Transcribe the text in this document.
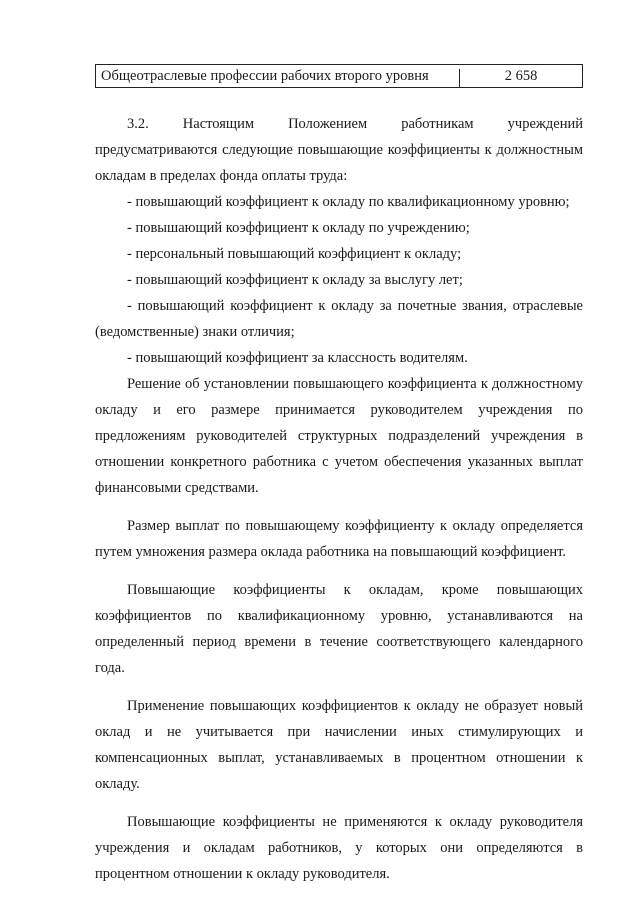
Общеотраслевые профессии рабочих второго уровня	2 658
3.2. Настоящим Положением работникам учреждений

предусматриваются следующие повышающие коэффициенты к должностным окладам в пределах фонда оплаты труда:

- повышающий коэффициент к окладу по квалификационному уровню;

- повышающий коэффициент к окладу по учреждению;

- персональный повышающий коэффициент к окладу;

- повышающий коэффициент к окладу за выслугу лет;

- повышающий коэффициент к окладу за почетные звания, отраслевые (ведомственные) знаки отличия;

- повышающий коэффициент за классность водителям.

Решение об установлении повышающего коэффициента к должностному окладу и его размере принимается руководителем учреждения по предложениям руководителей структурных подразделений учреждения в отношении конкретного работника с учетом обеспечения указанных выплат финансовыми средствами.

Размер выплат по повышающему коэффициенту к окладу определяется путем умножения размера оклада работника на повышающий коэффициент.

Повышающие коэффициенты к окладам, кроме повышающих коэффициентов по квалификационному уровню, устанавливаются на определенный период времени в течение соответствующего календарного года.

Применение повышающих коэффициентов к окладу не образует новый оклад и не учитывается при начислении иных стимулирующих и компенсационных выплат, устанавливаемых в процентном отношении к окладу.

Повышающие коэффициенты не применяются к окладу руководителя учреждения и окладам работников, у которых они определяются в процентном отношении к окладу руководителя.
